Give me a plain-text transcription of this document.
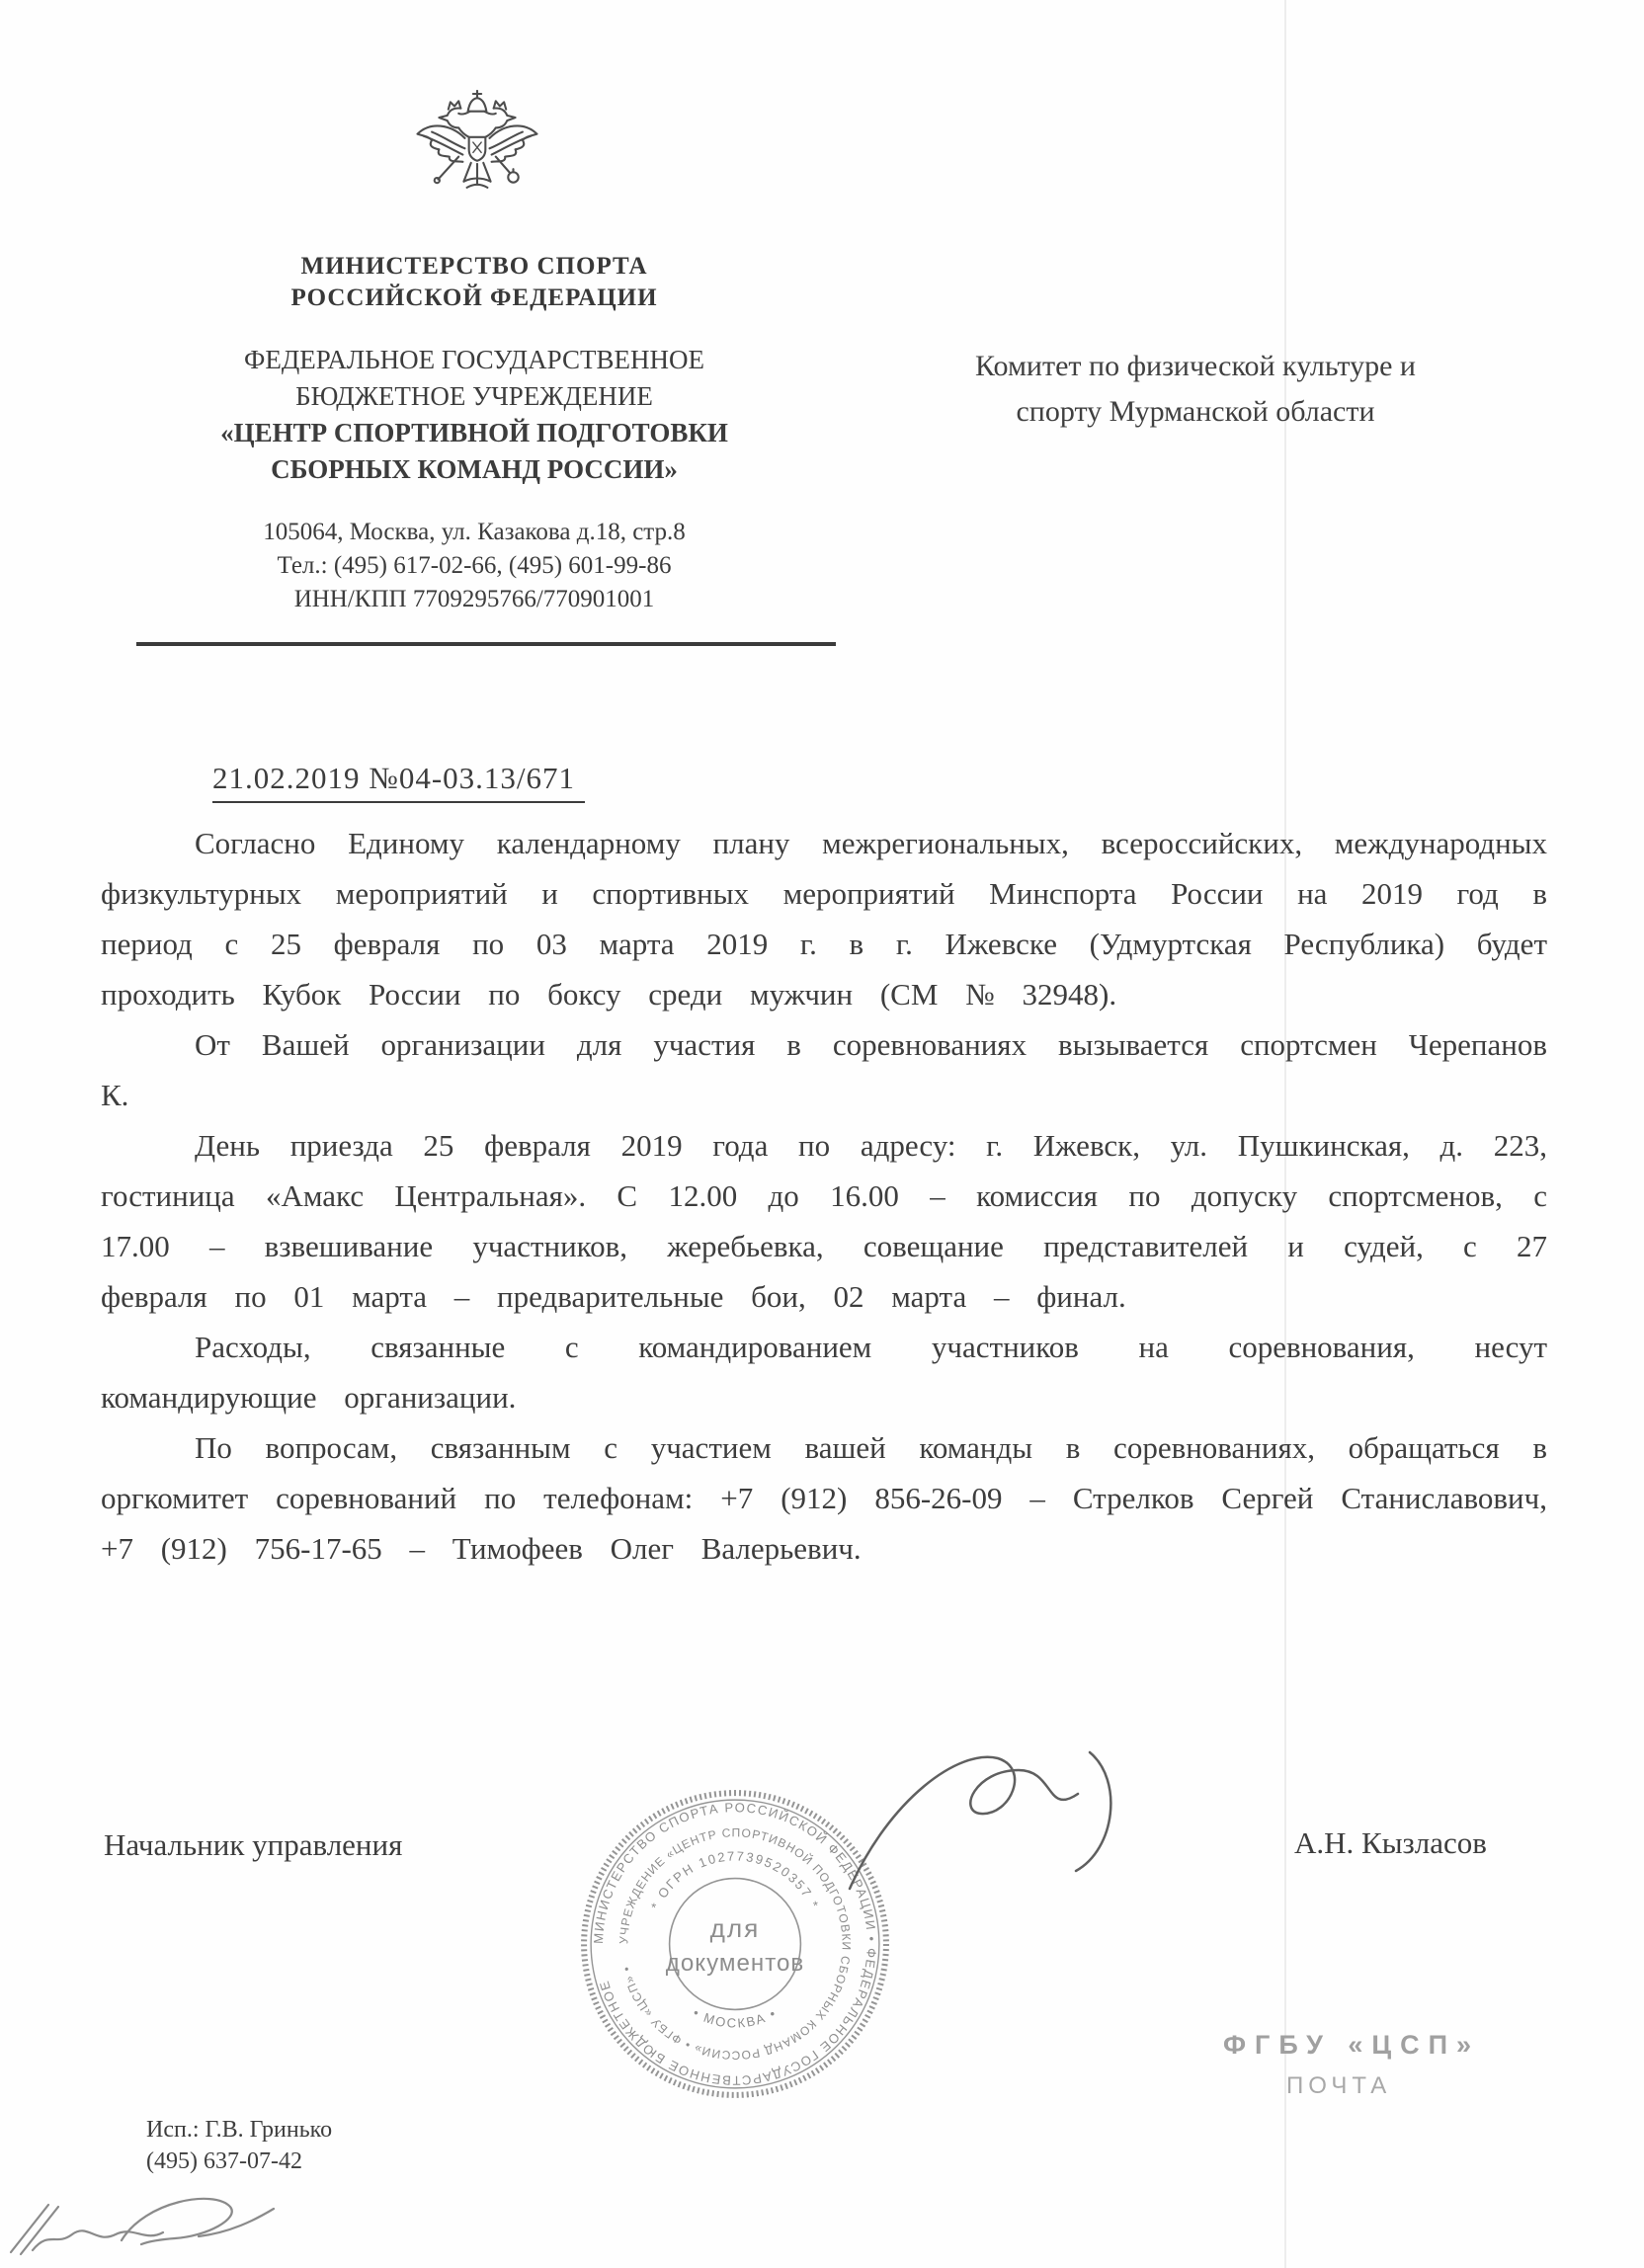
МИНИСТЕРСТВО СПОРТА
РОССИЙСКОЙ ФЕДЕРАЦИИ
ФЕДЕРАЛЬНОЕ ГОСУДАРСТВЕННОЕ
БЮДЖЕТНОЕ УЧРЕЖДЕНИЕ
«ЦЕНТР СПОРТИВНОЙ ПОДГОТОВКИ
СБОРНЫХ КОМАНД РОССИИ»
105064, Москва, ул. Казакова д.18, стр.8
Тел.: (495) 617-02-66, (495) 601-99-86
ИНН/КПП 7709295766/770901001
Комитет по физической культуре и
спорту Мурманской области
21.02.2019 №04-03.13/671

Согласно Единому календарному плану межрегиональных, всероссийских, международных физкультурных мероприятий и спортивных мероприятий Минспорта России на 2019 год в период с 25 февраля по 03 марта 2019 г. в г. Ижевске (Удмуртская Республика) будет проходить Кубок России по боксу среди мужчин (СМ № 32948).

От Вашей организации для участия в соревнованиях вызывается спортсмен Черепанов К.

День приезда 25 февраля 2019 года по адресу: г. Ижевск, ул. Пушкинская, д. 223, гостиница «Амакс Центральная». С 12.00 до 16.00 – комиссия по допуску спортсменов, с 17.00 – взвешивание участников, жеребьевка, совещание представителей и судей, с 27 февраля по 01 марта – предварительные бои, 02 марта – финал.

Расходы, связанные с командированием участников на соревнования, несут командирующие организации.

По вопросам, связанным с участием вашей команды в соревнованиях, обращаться в оргкомитет соревнований по телефонам: +7 (912) 856-26-09 – Стрелков Сергей Станиславович, +7 (912) 756-17-65 – Тимофеев Олег Валерьевич.

Начальник управления	А.Н. Кызласов
МИНИСТЕРСТВО СПОРТА РОССИЙСКОЙ ФЕДЕРАЦИИ • ФЕДЕРАЛЬНОЕ ГОСУДАРСТВЕННОЕ БЮДЖЕТНОЕ
УЧРЕЖДЕНИЕ «ЦЕНТР СПОРТИВНОЙ ПОДГОТОВКИ СБОРНЫХ КОМАНД РОССИИ» • ФГБУ «ЦСП» •
* ОГРН 1027739520357 *
• МОСКВА •
для
документов
ФГБУ «ЦСП»
ПОЧТА
Исп.: Г.В. Гринько
(495) 637-07-42
